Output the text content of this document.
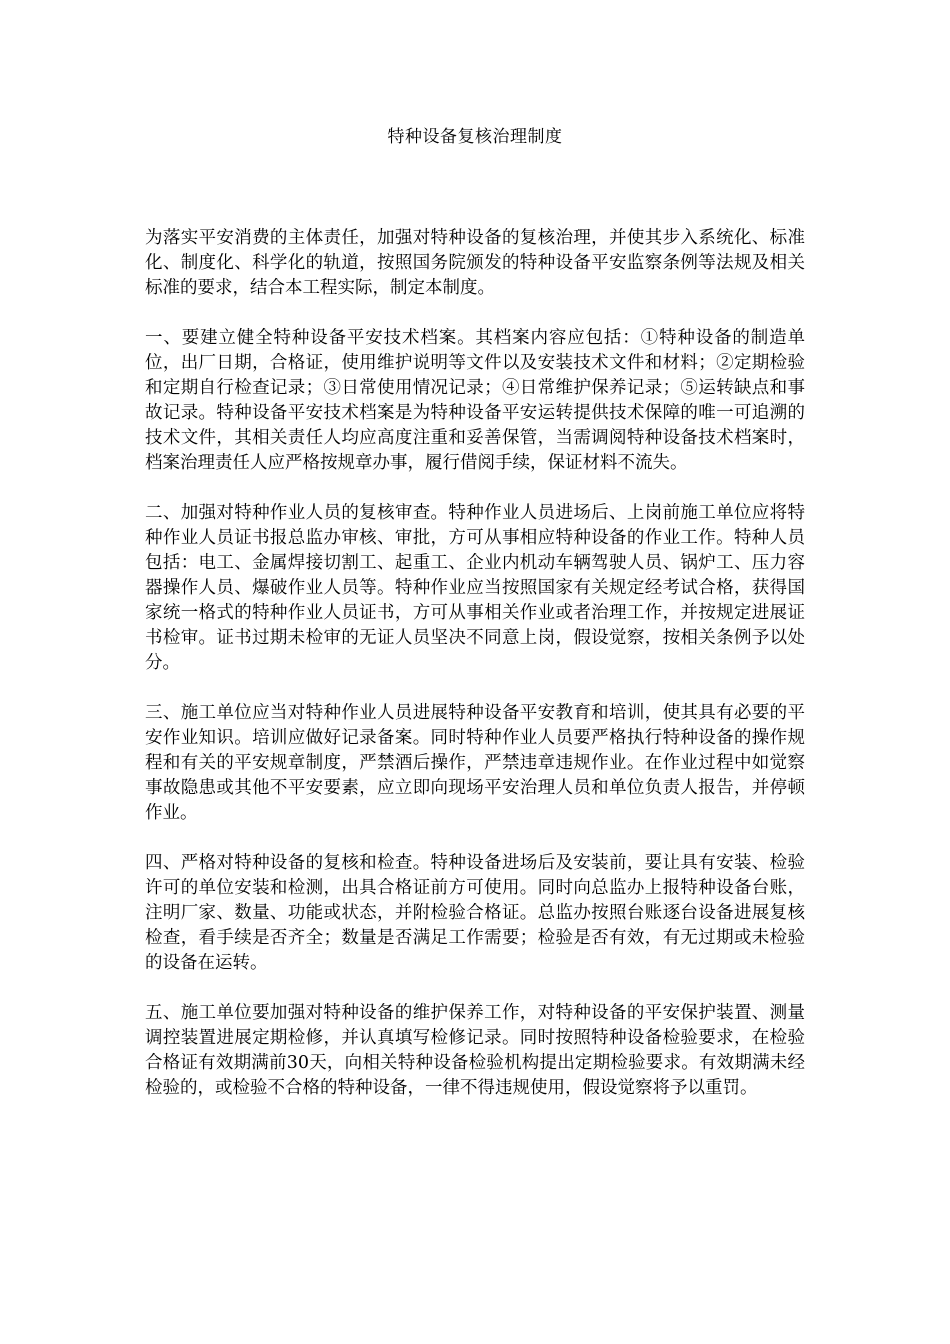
特种设备复核治理制度

为落实平安消费的主体责任，加强对特种设备的复核治理，并使其步入系统化、标准化、制度化、科学化的轨道，按照国务院颁发的特种设备平安监察条例等法规及相关标准的要求，结合本工程实际，制定本制度。

一、要建立健全特种设备平安技术档案。其档案内容应包括：①特种设备的制造单位，出厂日期，合格证，使用维护说明等文件以及安装技术文件和材料；②定期检验和定期自行检查记录；③日常使用情况记录；④日常维护保养记录；⑤运转缺点和事故记录。特种设备平安技术档案是为特种设备平安运转提供技术保障的唯一可追溯的技术文件，其相关责任人均应高度注重和妥善保管，当需调阅特种设备技术档案时，档案治理责任人应严格按规章办事，履行借阅手续，保证材料不流失。

二、加强对特种作业人员的复核审查。特种作业人员进场后、上岗前施工单位应将特种作业人员证书报总监办审核、审批，方可从事相应特种设备的作业工作。特种人员包括：电工、金属焊接切割工、起重工、企业内机动车辆驾驶人员、锅炉工、压力容器操作人员、爆破作业人员等。特种作业应当按照国家有关规定经考试合格，获得国家统一格式的特种作业人员证书，方可从事相关作业或者治理工作，并按规定进展证书检审。证书过期未检审的无证人员坚决不同意上岗，假设觉察，按相关条例予以处分。

三、施工单位应当对特种作业人员进展特种设备平安教育和培训，使其具有必要的平安作业知识。培训应做好记录备案。同时特种作业人员要严格执行特种设备的操作规程和有关的平安规章制度，严禁酒后操作，严禁违章违规作业。在作业过程中如觉察事故隐患或其他不平安要素，应立即向现场平安治理人员和单位负责人报告，并停顿作业。

四、严格对特种设备的复核和检查。特种设备进场后及安装前，要让具有安装、检验许可的单位安装和检测，出具合格证前方可使用。同时向总监办上报特种设备台账，注明厂家、数量、功能或状态，并附检验合格证。总监办按照台账逐台设备进展复核检查，看手续是否齐全；数量是否满足工作需要；检验是否有效，有无过期或未检验的设备在运转。

五、施工单位要加强对特种设备的维护保养工作，对特种设备的平安保护装置、测量调控装置进展定期检修，并认真填写检修记录。同时按照特种设备检验要求，在检验合格证有效期满前30天，向相关特种设备检验机构提出定期检验要求。有效期满未经检验的，或检验不合格的特种设备，一律不得违规使用，假设觉察将予以重罚。
